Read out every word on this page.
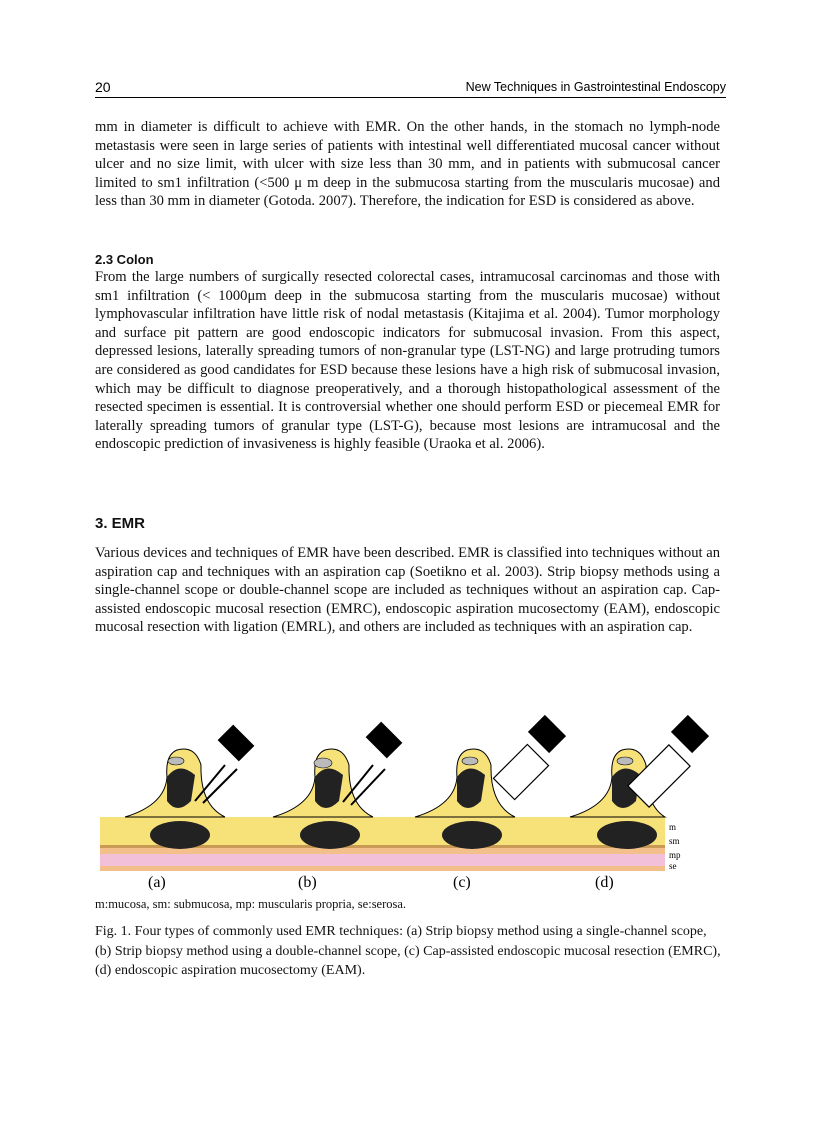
20	New Techniques in Gastrointestinal Endoscopy

mm in diameter is difficult to achieve with EMR. On the other hands, in the stomach no lymph-node metastasis were seen in large series of patients with intestinal well differentiated mucosal cancer without ulcer and no size limit, with ulcer with size less than 30 mm, and in patients with submucosal cancer limited to sm1 infiltration (<500 μ m deep in the submucosa starting from the muscularis mucosae) and less than 30 mm in diameter (Gotoda. 2007). Therefore, the indication for ESD is considered as above.

2.3 Colon

From the large numbers of surgically resected colorectal cases, intramucosal carcinomas and those with sm1 infiltration (< 1000μm deep in the submucosa starting from the muscularis mucosae) without lymphovascular infiltration have little risk of nodal metastasis (Kitajima et al. 2004). Tumor morphology and surface pit pattern are good endoscopic indicators for submucosal invasion. From this aspect, depressed lesions, laterally spreading tumors of non-granular type (LST-NG) and large protruding tumors are considered as good candidates for ESD because these lesions have a high risk of submucosal invasion, which may be difficult to diagnose preoperatively, and a thorough histopathological assessment of the resected specimen is essential. It is controversial whether one should perform ESD or piecemeal EMR for laterally spreading tumors of granular type (LST-G), because most lesions are intramucosal and the endoscopic prediction of invasiveness is highly feasible (Uraoka et al. 2006).

3. EMR

Various devices and techniques of EMR have been described. EMR is classified into techniques without an aspiration cap and techniques with an aspiration cap (Soetikno et al. 2003). Strip biopsy methods using a single-channel scope or double-channel scope are included as techniques without an aspiration cap. Cap-assisted endoscopic mucosal resection (EMRC), endoscopic aspiration mucosectomy (EAM), endoscopic mucosal resection with ligation (EMRL), and others are included as techniques with an aspiration cap.

m
sm
mp
se
(a)	(b)	(c)	(d)

m:mucosa, sm: submucosa, mp: muscularis propria, se:serosa.

Fig. 1. Four types of commonly used EMR techniques: (a) Strip biopsy method using a single-channel scope, (b) Strip biopsy method using a double-channel scope, (c) Cap-assisted endoscopic mucosal resection (EMRC), (d) endoscopic aspiration mucosectomy (EAM).
